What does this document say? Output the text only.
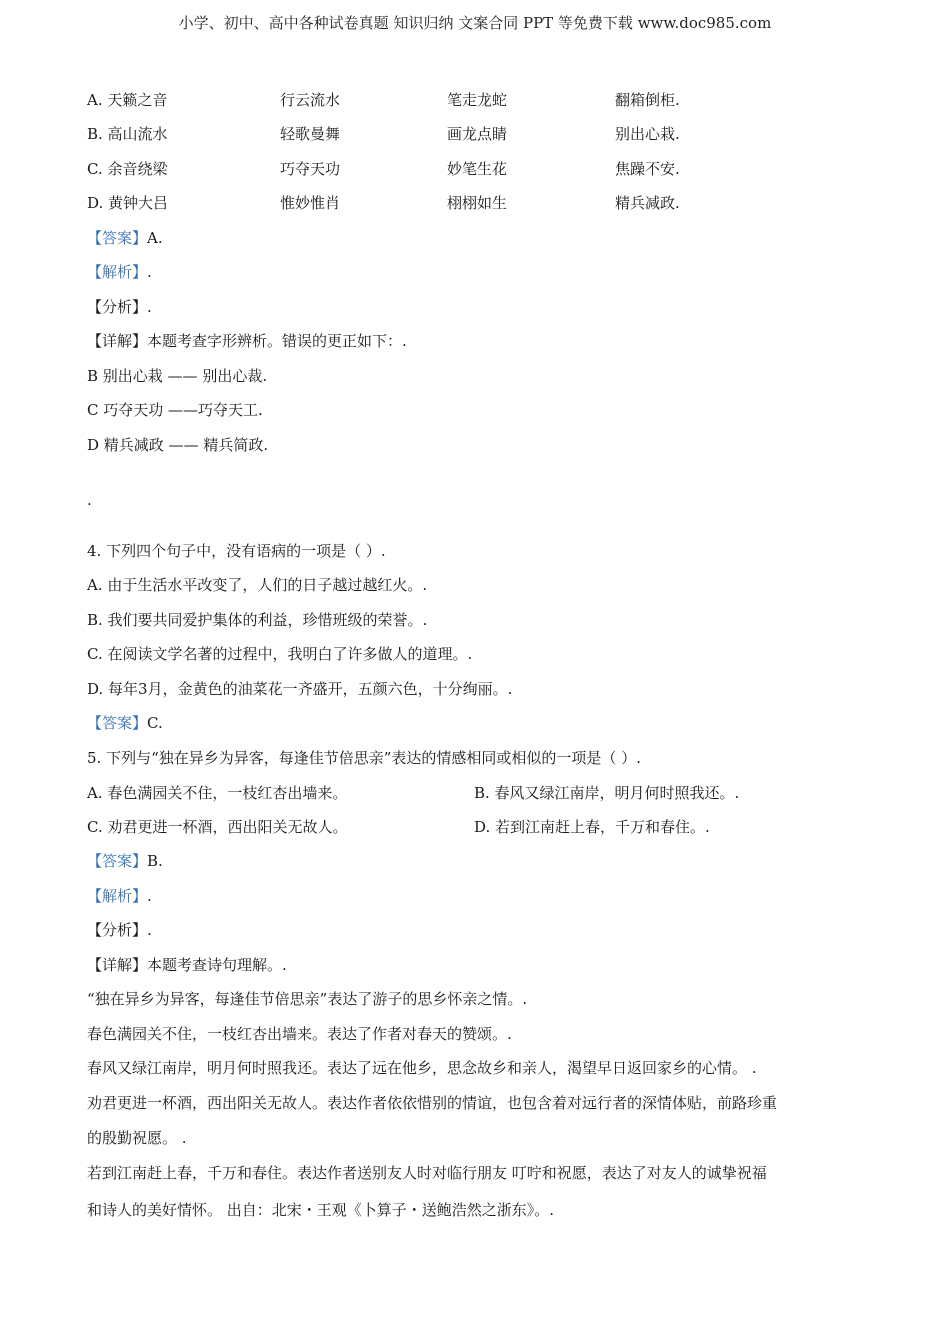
小学、初中、高中各种试卷真题 知识归纳 文案合同 PPT 等免费下载 www.doc985.com
A. 天籁之音	行云流水	笔走龙蛇	翻箱倒柜.
B. 高山流水	轻歌曼舞	画龙点睛	别出心栽.
C. 余音绕梁	巧夺天功	妙笔生花	焦躁不安.
D. 黄钟大吕	惟妙惟肖	栩栩如生	精兵减政.
【答案】A.
【解析】.
【分析】.
【详解】本题考查字形辨析。错误的更正如下：.
B 别出心栽 —— 别出心裁.
C 巧夺天功 ——巧夺天工.
D 精兵减政 —— 精兵简政.
.
4. 下列四个句子中，没有语病的一项是（ ）.
A. 由于生活水平改变了，人们的日子越过越红火。.
B. 我们要共同爱护集体的利益，珍惜班级的荣誉。.
C. 在阅读文学名著的过程中，我明白了许多做人的道理。.
D. 每年3月，金黄色的油菜花一齐盛开，五颜六色，十分绚丽。.
【答案】C.
5. 下列与“独在异乡为异客，每逢佳节倍思亲”表达的情感相同或相似的一项是（ ）.
A. 春色满园关不住，一枝红杏出墙来。	B. 春风又绿江南岸，明月何时照我还。.
C. 劝君更进一杯酒，西出阳关无故人。	D. 若到江南赶上春，千万和春住。.
【答案】B.
【解析】.
【分析】.
【详解】本题考查诗句理解。.
“独在异乡为异客，每逢佳节倍思亲”表达了游子的思乡怀亲之情。.
春色满园关不住，一枝红杏出墙来。表达了作者对春天的赞颂。.
春风又绿江南岸，明月何时照我还。表达了远在他乡，思念故乡和亲人，渴望早日返回家乡的心情。 .
劝君更进一杯酒，西出阳关无故人。表达作者依依惜别的情谊，也包含着对远行者的深情体贴，前路珍重
的殷勤祝愿。 .
若到江南赶上春，千万和春住。表达作者送别友人时对临行朋友 叮咛和祝愿，表达了对友人的诚挚祝福
和诗人的美好情怀。 出自：北宋・王观《卜算子・送鲍浩然之浙东》。.
